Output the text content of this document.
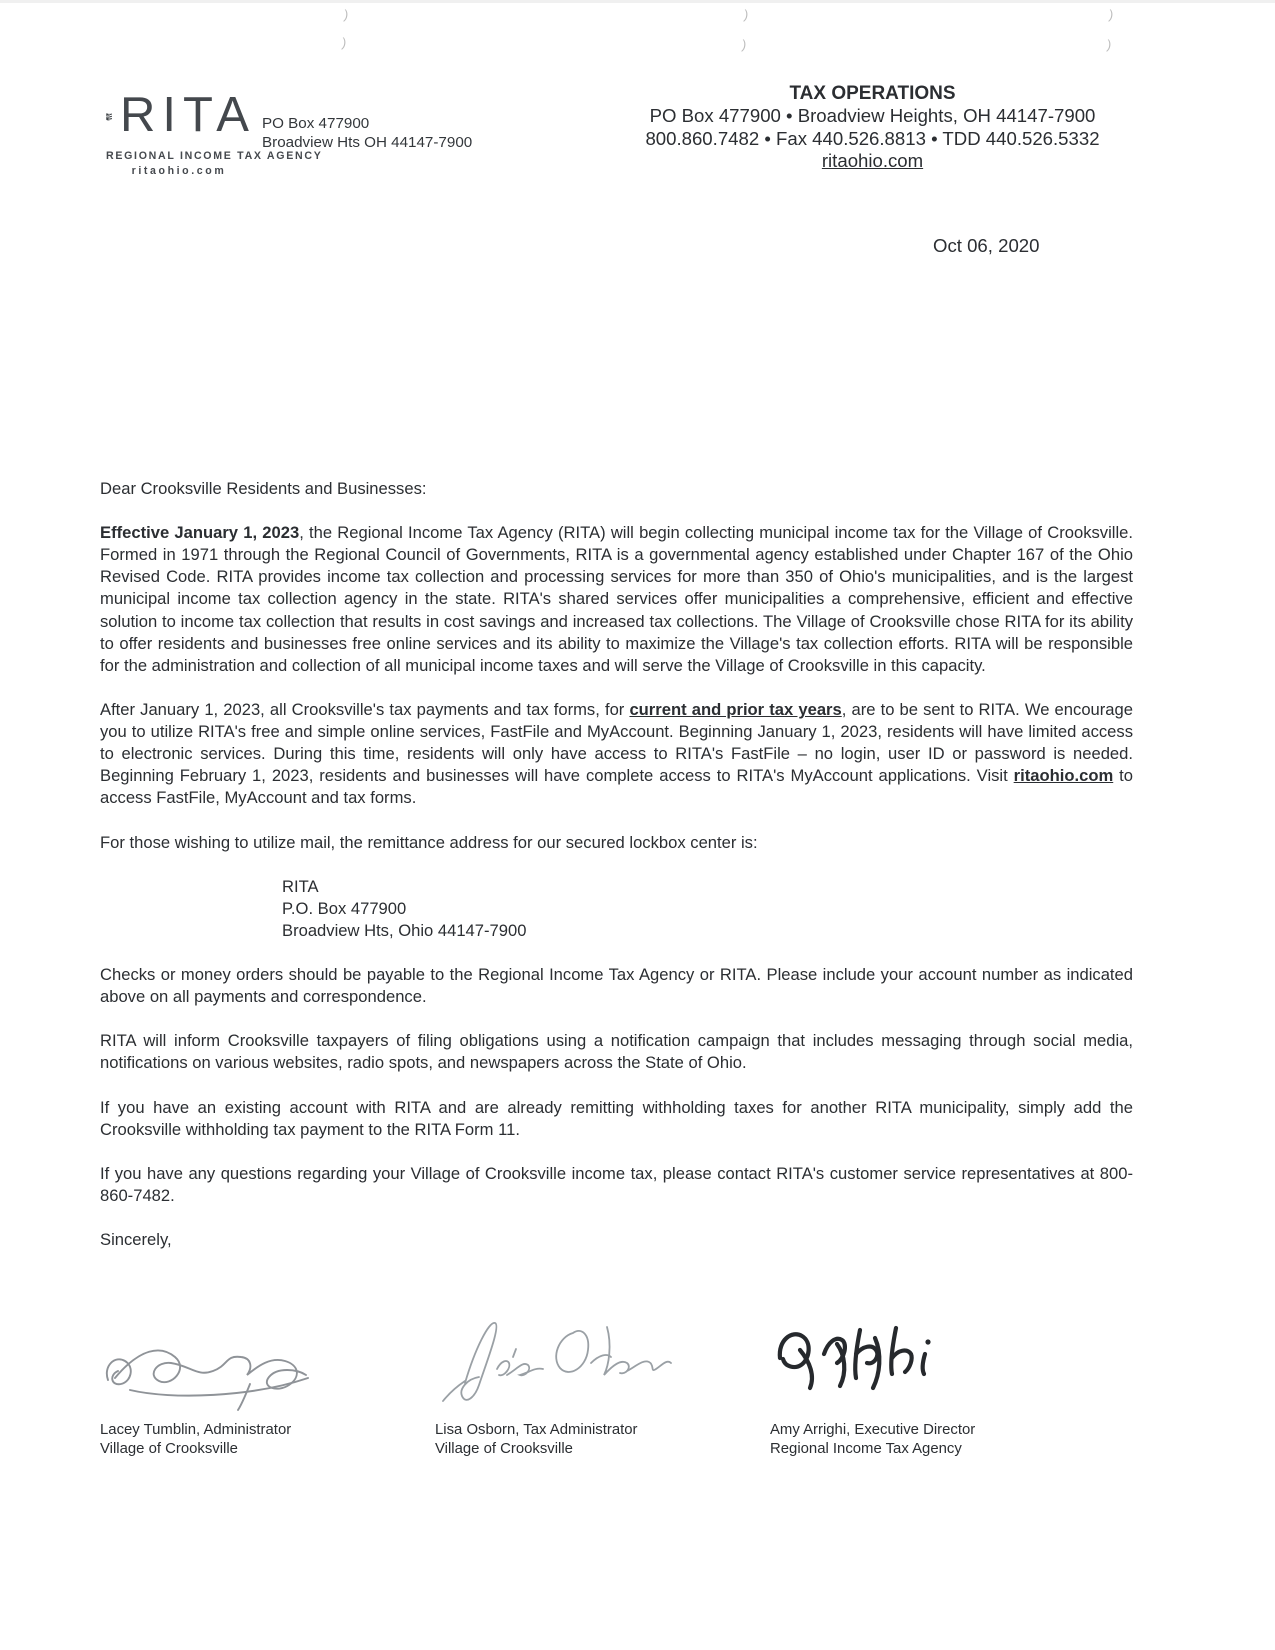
)
)
)
)
)
)
RITA
REGIONAL INCOME TAX AGENCY
ritaohio.com
PO Box 477900
Broadview Hts OH 44147-7900
TAX OPERATIONS
PO Box 477900 • Broadview Heights, OH 44147-7900
800.860.7482 • Fax 440.526.8813 • TDD 440.526.5332
ritaohio.com
Oct 06, 2020

Dear Crooksville Residents and Businesses:

Effective January 1, 2023, the Regional Income Tax Agency (RITA) will begin collecting municipal income tax for the Village of Crooksville. Formed in 1971 through the Regional Council of Governments, RITA is a governmental agency established under Chapter 167 of the Ohio Revised Code. RITA provides income tax collection and processing services for more than 350 of Ohio's municipalities, and is the largest municipal income tax collection agency in the state. RITA's shared services offer municipalities a comprehensive, efficient and effective solution to income tax collection that results in cost savings and increased tax collections. The Village of Crooksville chose RITA for its ability to offer residents and businesses free online services and its ability to maximize the Village's tax collection efforts. RITA will be responsible for the administration and collection of all municipal income taxes and will serve the Village of Crooksville in this capacity.

After January 1, 2023, all Crooksville's tax payments and tax forms, for current and prior tax years, are to be sent to RITA. We encourage you to utilize RITA's free and simple online services, FastFile and MyAccount. Beginning January 1, 2023, residents will have limited access to electronic services. During this time, residents will only have access to RITA's FastFile – no login, user ID or password is needed. Beginning February 1, 2023, residents and businesses will have complete access to RITA's MyAccount applications. Visit ritaohio.com to access FastFile, MyAccount and tax forms.

For those wishing to utilize mail, the remittance address for our secured lockbox center is:

RITA
P.O. Box 477900
Broadview Hts, Ohio 44147-7900

Checks or money orders should be payable to the Regional Income Tax Agency or RITA. Please include your account number as indicated above on all payments and correspondence.

RITA will inform Crooksville taxpayers of filing obligations using a notification campaign that includes messaging through social media, notifications on various websites, radio spots, and newspapers across the State of Ohio.

If you have an existing account with RITA and are already remitting withholding taxes for another RITA municipality, simply add the Crooksville withholding tax payment to the RITA Form 11.

If you have any questions regarding your Village of Crooksville income tax, please contact RITA's customer service representatives at 800-860-7482.

Sincerely,

Lacey Tumblin, Administrator
Village of Crooksville
Lisa Osborn, Tax Administrator
Village of Crooksville
Amy Arrighi, Executive Director
Regional Income Tax Agency
